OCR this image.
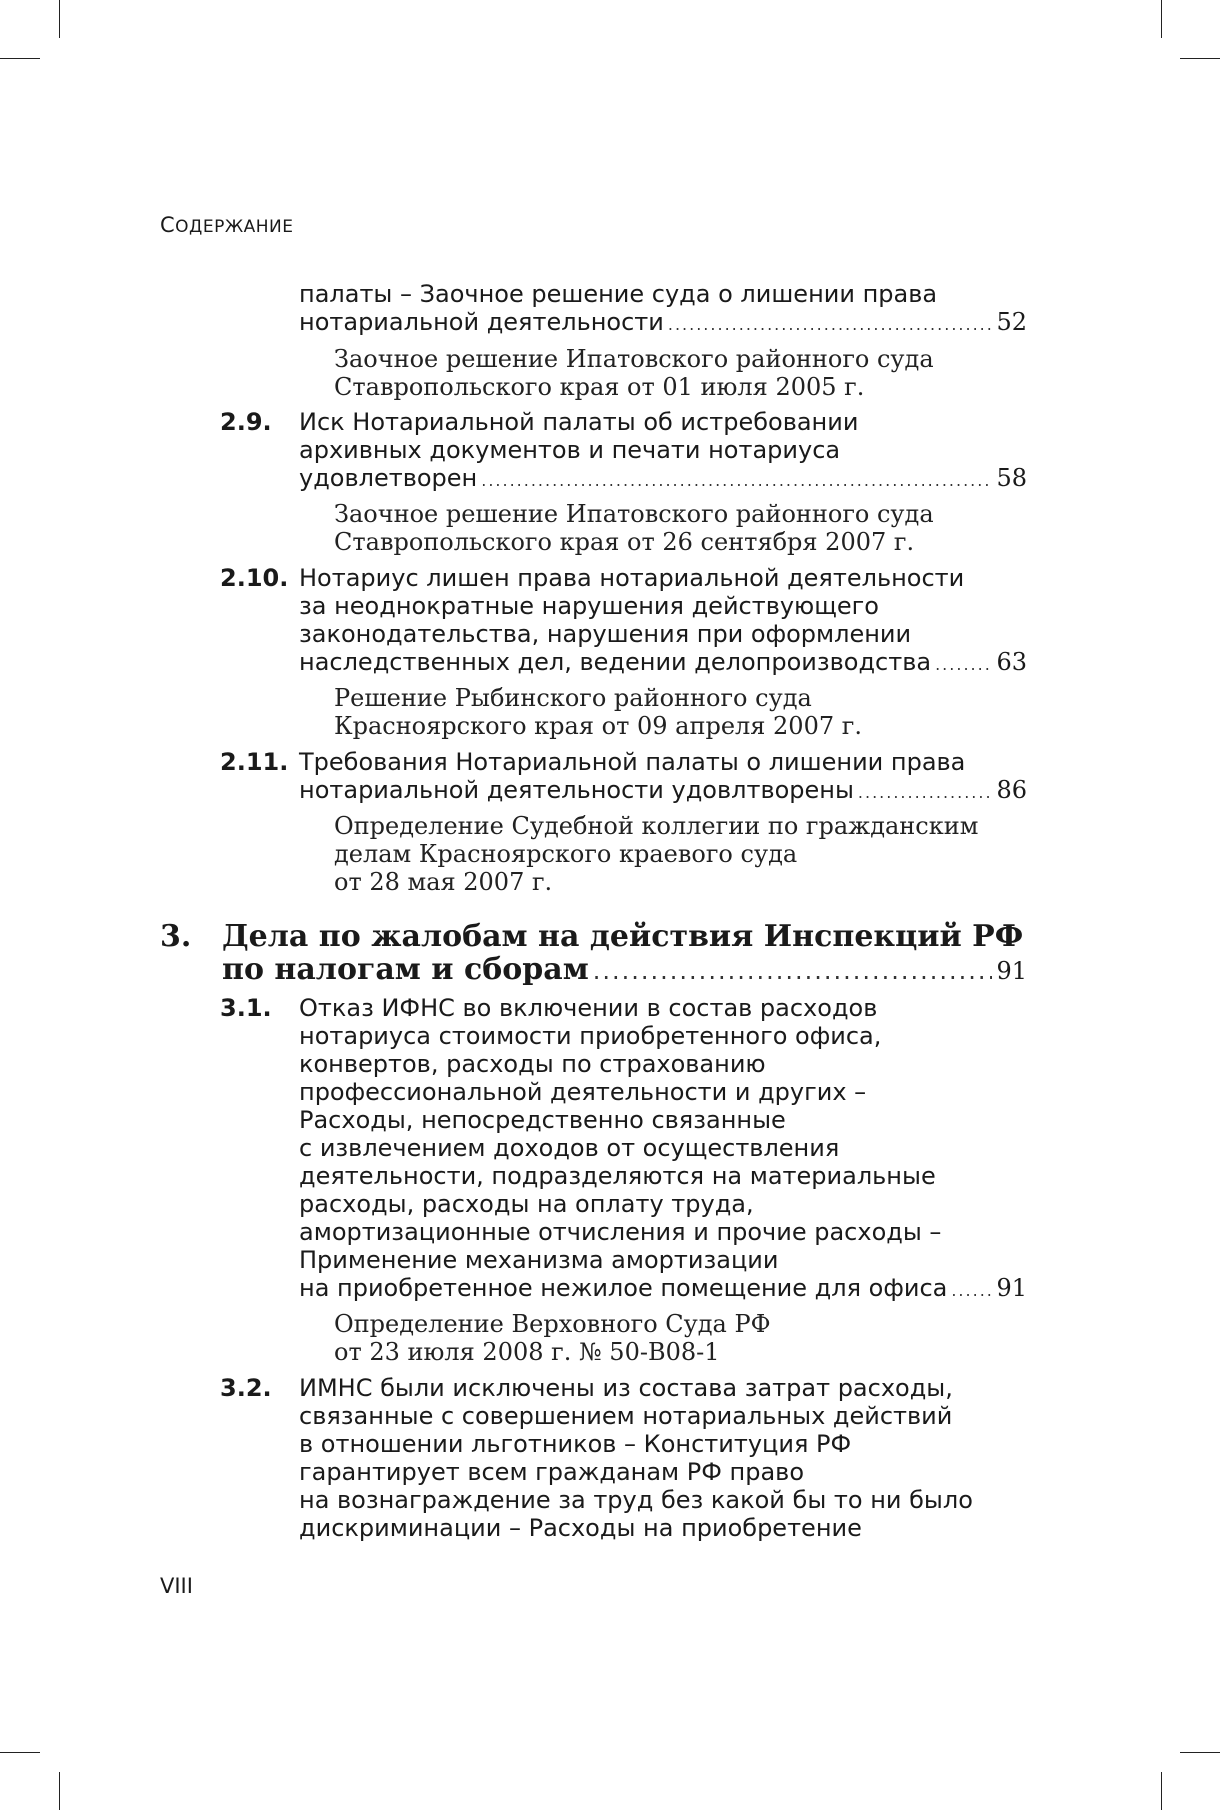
СОДЕРЖАНИЕ
палаты – Заочное решение суда о лишении права
нотариальной деятельности .....	52
Заочное решение Ипатовского районного суда
Ставропольского края от 01 июля 2005 г.
2.9. Иск Нотариальной палаты об истребовании
архивных документов и печати нотариуса
удовлетворен .....	58
Заочное решение Ипатовского районного суда
Ставропольского края от 26 сентября 2007 г.
2.10. Нотариус лишен права нотариальной деятельности
за неоднократные нарушения действующего
законодательства, нарушения при оформлении
наследственных дел, ведении делопроизводства .....	63
Решение Рыбинского районного суда
Красноярского края от 09 апреля 2007 г.
2.11. Требования Нотариальной палаты о лишении права
нотариальной деятельности удовлтворены .....	86
Определение Судебной коллегии по гражданским
делам Красноярского краевого суда
от 28 мая 2007 г.
3. Дела по жалобам на действия Инспекций РФ
по налогам и сборам .....	91
3.1. Отказ ИФНС во включении в состав расходов
нотариуса стоимости приобретенного офиса,
конвертов, расходы по страхованию
профессиональной деятельности и других –
Расходы, непосредственно связанные
с извлечением доходов от осуществления
деятельности, подразделяются на материальные
расходы, расходы на оплату труда,
амортизационные отчисления и прочие расходы –
Применение механизма амортизации
на приобретенное нежилое помещение для офиса ..... 91
Определение Верховного Суда РФ
от 23 июля 2008 г. № 50-В08-1
3.2. ИМНС были исключены из состава затрат расходы,
связанные с совершением нотариальных действий
в отношении льготников – Конституция РФ
гарантирует всем гражданам РФ право
на вознаграждение за труд без какой бы то ни было
дискриминации – Расходы на приобретение
VIII
